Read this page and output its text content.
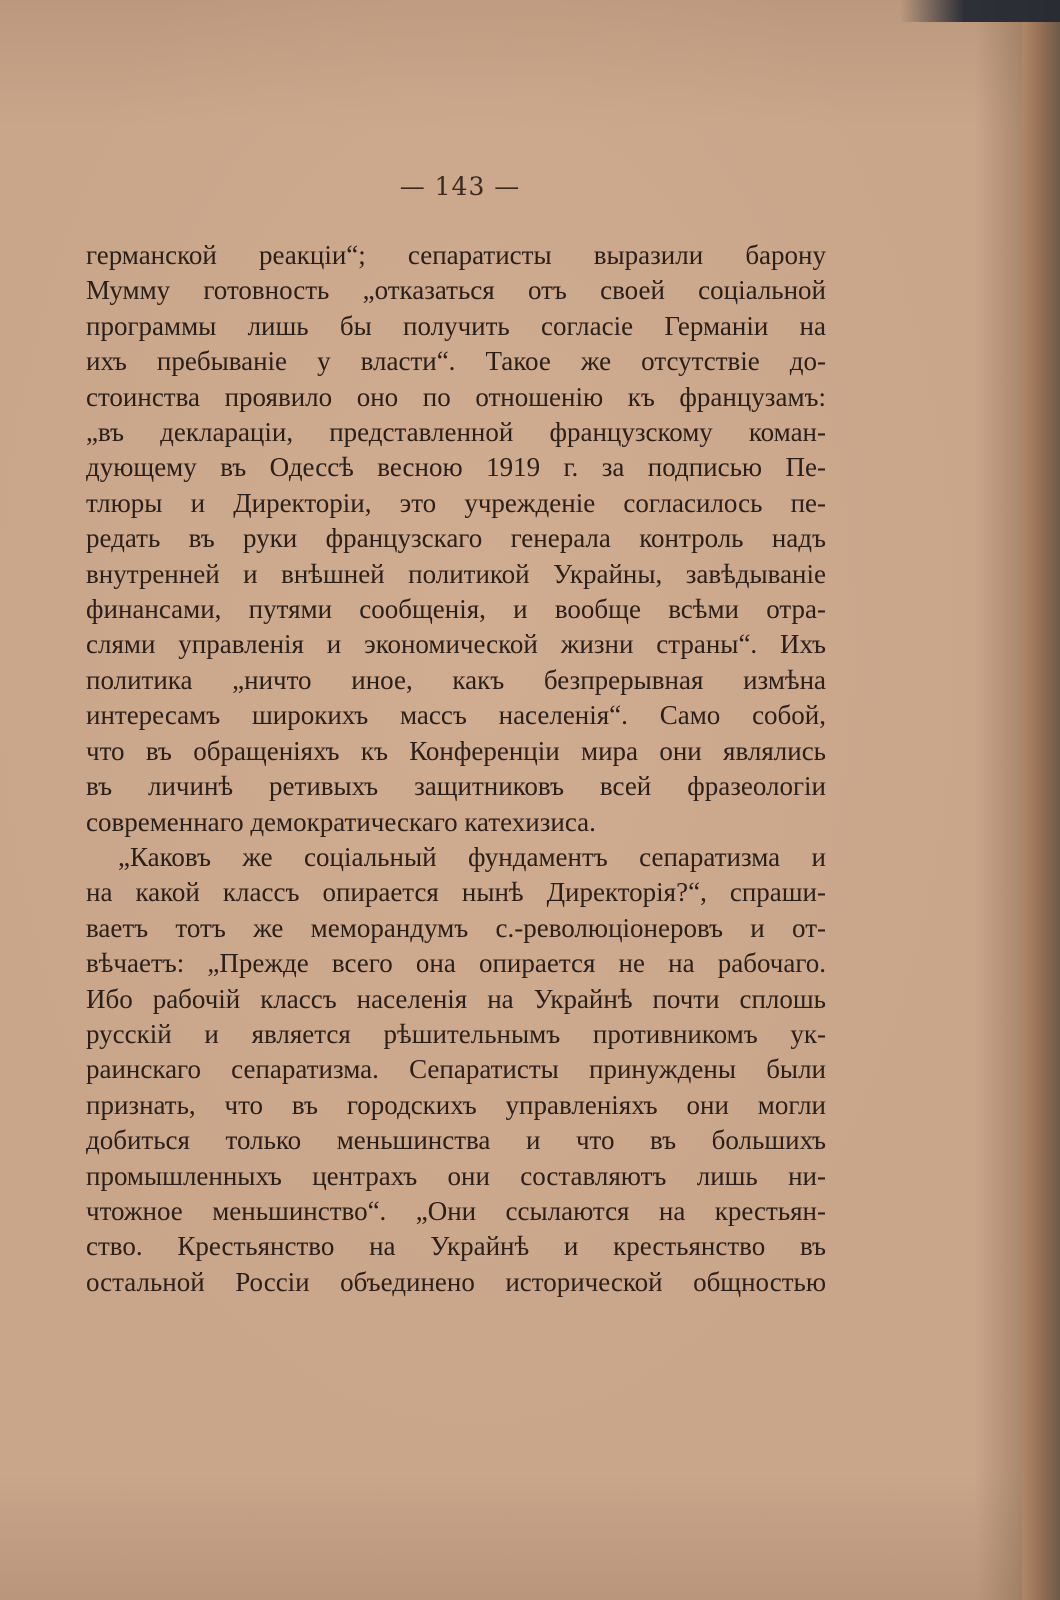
— 143 —
германской реакціи“; сепаратисты выразили барону
Мумму готовность „отказаться отъ своей соціальной
программы лишь бы получить согласіе Германіи на
ихъ пребываніе у власти“. Такое же отсутствіе до-
стоинства проявило оно по отношенію къ французамъ:
„въ деклараціи, представленной французскому коман-
дующему въ Одессѣ весною 1919 г. за подписью Пе-
тлюры и Директоріи, это учрежденіе согласилось пе-
редать въ руки французскаго генерала контроль надъ
внутренней и внѣшней политикой Украйны, завѣдываніе
финансами, путями сообщенія, и вообще всѣми отра-
слями управленія и экономической жизни страны“. Ихъ
политика „ничто иное, какъ безпрерывная измѣна
интересамъ широкихъ массъ населенія“. Само собой,
что въ обращеніяхъ къ Конференціи мира они являлись
въ личинѣ ретивыхъ защитниковъ всей фразеологіи
современнаго демократическаго катехизиса.
„Каковъ же соціальный фундаментъ сепаратизма и
на какой классъ опирается нынѣ Директорія?“, спраши-
ваетъ тотъ же меморандумъ с.-революціонеровъ и от-
вѣчаетъ: „Прежде всего она опирается не на рабочаго.
Ибо рабочій классъ населенія на Украйнѣ почти сплошь
русскій и является рѣшительнымъ противникомъ ук-
раинскаго сепаратизма. Сепаратисты принуждены были
признать, что въ городскихъ управленіяхъ они могли
добиться только меньшинства и что въ большихъ
промышленныхъ центрахъ они составляютъ лишь ни-
чтожное меньшинство“. „Они ссылаются на крестьян-
ство. Крестьянство на Украйнѣ и крестьянство въ
остальной Россіи объединено исторической общностью
